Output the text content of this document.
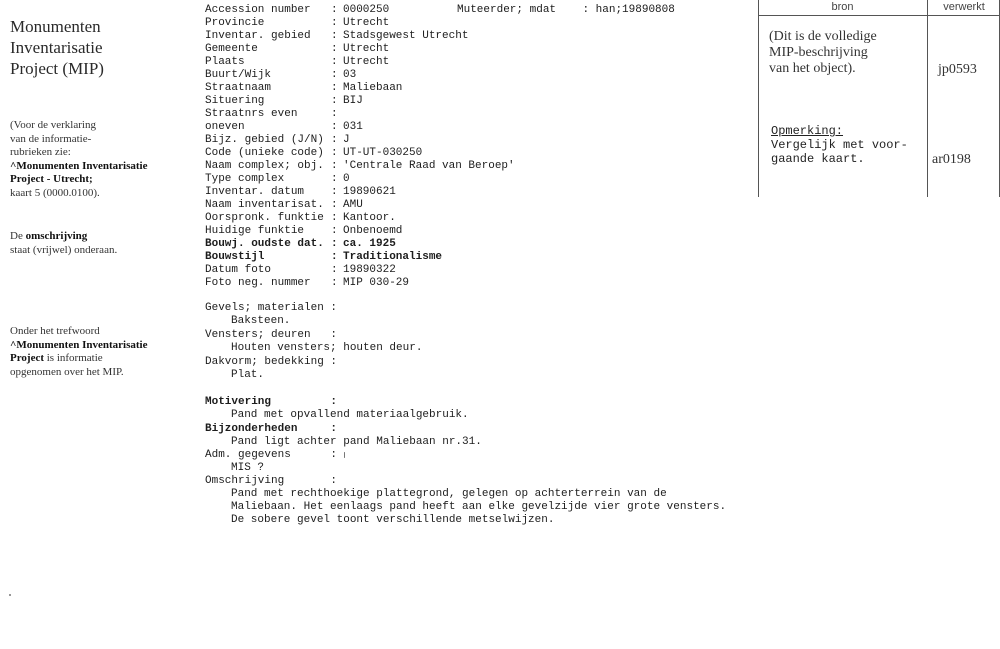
Monumenten
Inventarisatie
Project (MIP)
(Voor de verklaring
van de informatie-
rubrieken zie:
^Monumenten Inventarisatie
Project - Utrecht;
kaart 5 (0000.0100).
De omschrijving
staat (vrijwel) onderaan.
Onder het trefwoord
^Monumenten Inventarisatie
Project is informatie
opgenomen over het MIP.
Muteerder; mdat : han;19890808
Accession number : 0000250
Provincie	: Utrecht
Inventar. gebied : Stadsgewest Utrecht
Gemeente	: Utrecht
Plaats	: Utrecht
Buurt/Wijk	: 03
Straatnaam	: Maliebaan
Situering	: BIJ
Straatnrs even	:
oneven	: 031
Bijz. gebied (J/N) : J
Code (unieke code) : UT-UT-030250
Naam complex; obj. : 'Centrale Raad van Beroep'
Type complex	: 0
Inventar. datum : 19890621
Naam inventarisat. : AMU
Oorspronk. funktie : Kantoor.
Huidige funktie : Onbenoemd
Bouwj. oudste dat. : ca. 1925
Bouwstijl	: Traditionalisme
Datum foto	: 19890322
Foto neg. nummer : MIP 030-29
Gevels; materialen :
Baksteen.
Vensters; deuren   :
Houten vensters; houten deur.
Dakvorm; bedekking :
Plat.
Motivering         :
Pand met opvallend materiaalgebruik.
Bijzonderheden     :
Pand ligt achter pand Maliebaan nr.31.
Adm. gegevens      :
MIS ?
Omschrijving       :
Pand met rechthoekige plattegrond, gelegen op achterterrein van de
Maliebaan. Het eenlaags pand heeft aan elke gevelzijde vier grote vensters.
De sobere gevel toont verschillende metselwijzen.
bron	verwerkt
(Dit is de volledige
MIP-beschrijving
van het object).	jp0593
Opmerking:
Vergelijk met voor-
gaande kaart.	ar0198
